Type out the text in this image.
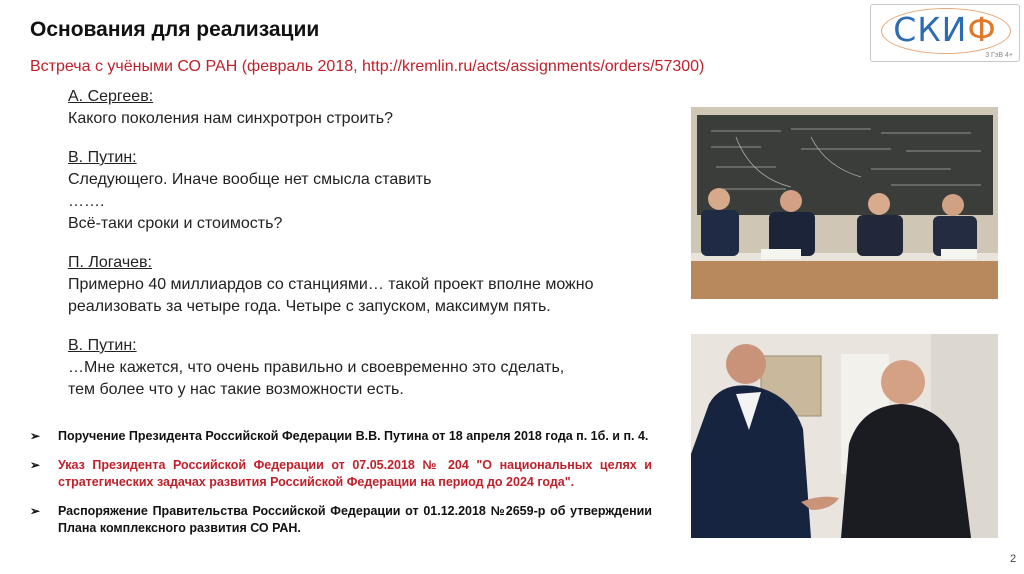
Основания для реализации
Встреча с учёными СО РАН (февраль 2018, http://kremlin.ru/acts/assignments/orders/57300)
СКИФ
3 ГэВ 4+
А. Сергеев:
Какого поколения нам синхротрон строить?
В. Путин:
Следующего. Иначе вообще нет смысла ставить
…….
Всё-таки сроки и стоимость?
П. Логачев:
Примерно 40 миллиардов со станциями… такой проект вполне можно
реализовать за четыре года. Четыре с запуском, максимум пять.
В. Путин:
…Мне кажется, что очень правильно и своевременно это сделать,
тем более что у нас такие возможности есть.
➢	Поручение Президента Российской Федерации В.В. Путина от 18 апреля 2018 года п. 1б. и п. 4.
➢	Указ Президента Российской Федерации от 07.05.2018 № 204 "О национальных целях и стратегических задачах развития Российской Федерации на период до 2024 года".
➢	Распоряжение Правительства Российской Федерации от 01.12.2018 №2659-р об утверждении Плана комплексного развития СО РАН.
2
